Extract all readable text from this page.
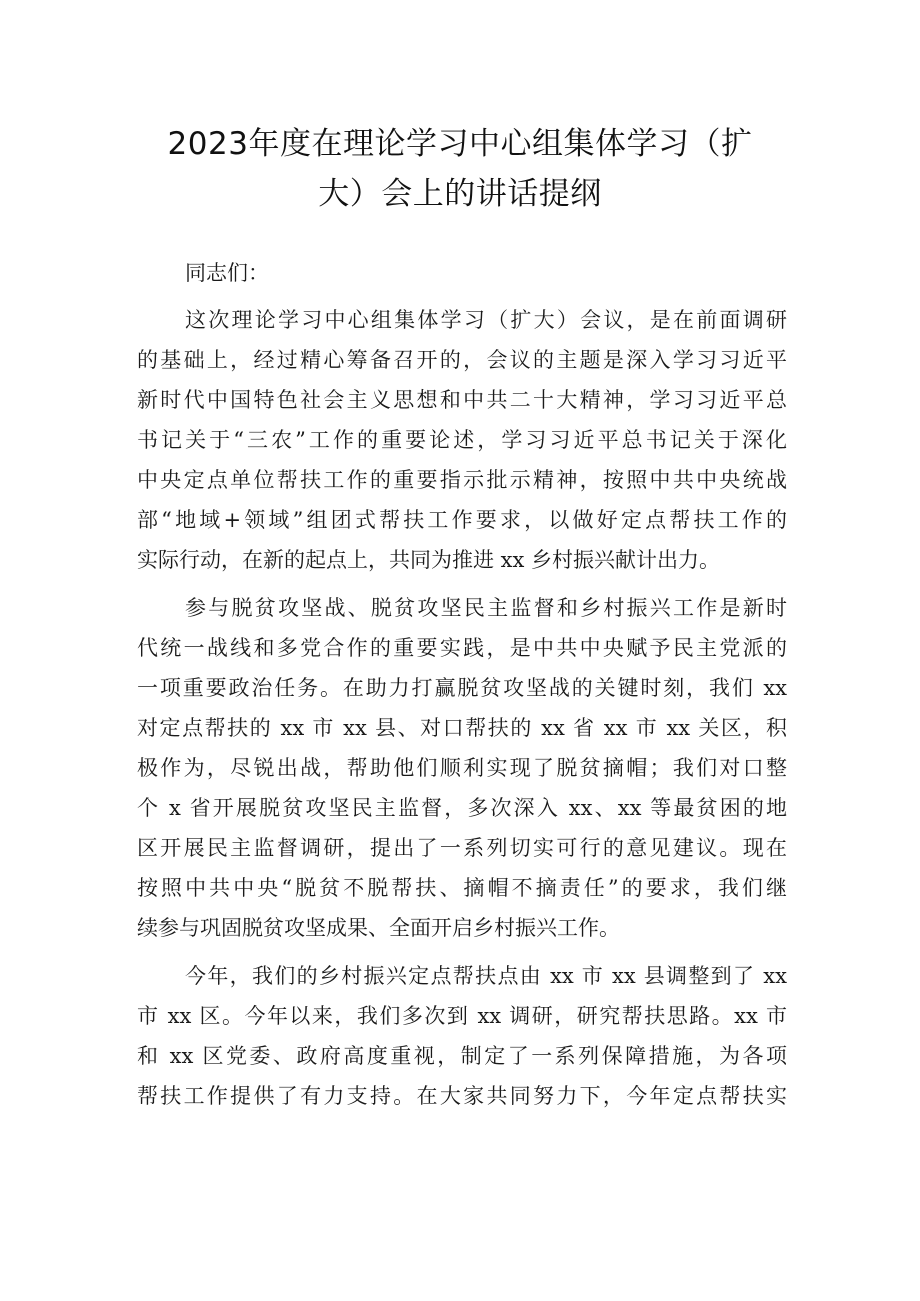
2023年度在理论学习中心组集体学习（扩
大）会上的讲话提纲
同志们：
这次理论学习中心组集体学习（扩大）会议，是在前面调研
的基础上，经过精心筹备召开的，会议的主题是深入学习习近平
新时代中国特色社会主义思想和中共二十大精神，学习习近平总
书记关于“三农”工作的重要论述，学习习近平总书记关于深化
中央定点单位帮扶工作的重要指示批示精神，按照中共中央统战
部“地域+领域”组团式帮扶工作要求，以做好定点帮扶工作的
实际行动，在新的起点上，共同为推进 xx 乡村振兴献计出力。
参与脱贫攻坚战、脱贫攻坚民主监督和乡村振兴工作是新时
代统一战线和多党合作的重要实践，是中共中央赋予民主党派的
一项重要政治任务。在助力打赢脱贫攻坚战的关键时刻，我们 xx
对定点帮扶的 xx 市 xx 县、对口帮扶的 xx 省 xx 市 xx 关区，积
极作为，尽锐出战，帮助他们顺利实现了脱贫摘帽；我们对口整
个 x 省开展脱贫攻坚民主监督，多次深入 xx、xx 等最贫困的地
区开展民主监督调研，提出了一系列切实可行的意见建议。现在
按照中共中央“脱贫不脱帮扶、摘帽不摘责任”的要求，我们继
续参与巩固脱贫攻坚成果、全面开启乡村振兴工作。
今年，我们的乡村振兴定点帮扶点由 xx 市 xx 县调整到了 xx
市 xx 区。今年以来，我们多次到 xx 调研，研究帮扶思路。xx 市
和 xx 区党委、政府高度重视，制定了一系列保障措施，为各项
帮扶工作提供了有力支持。在大家共同努力下，今年定点帮扶实
